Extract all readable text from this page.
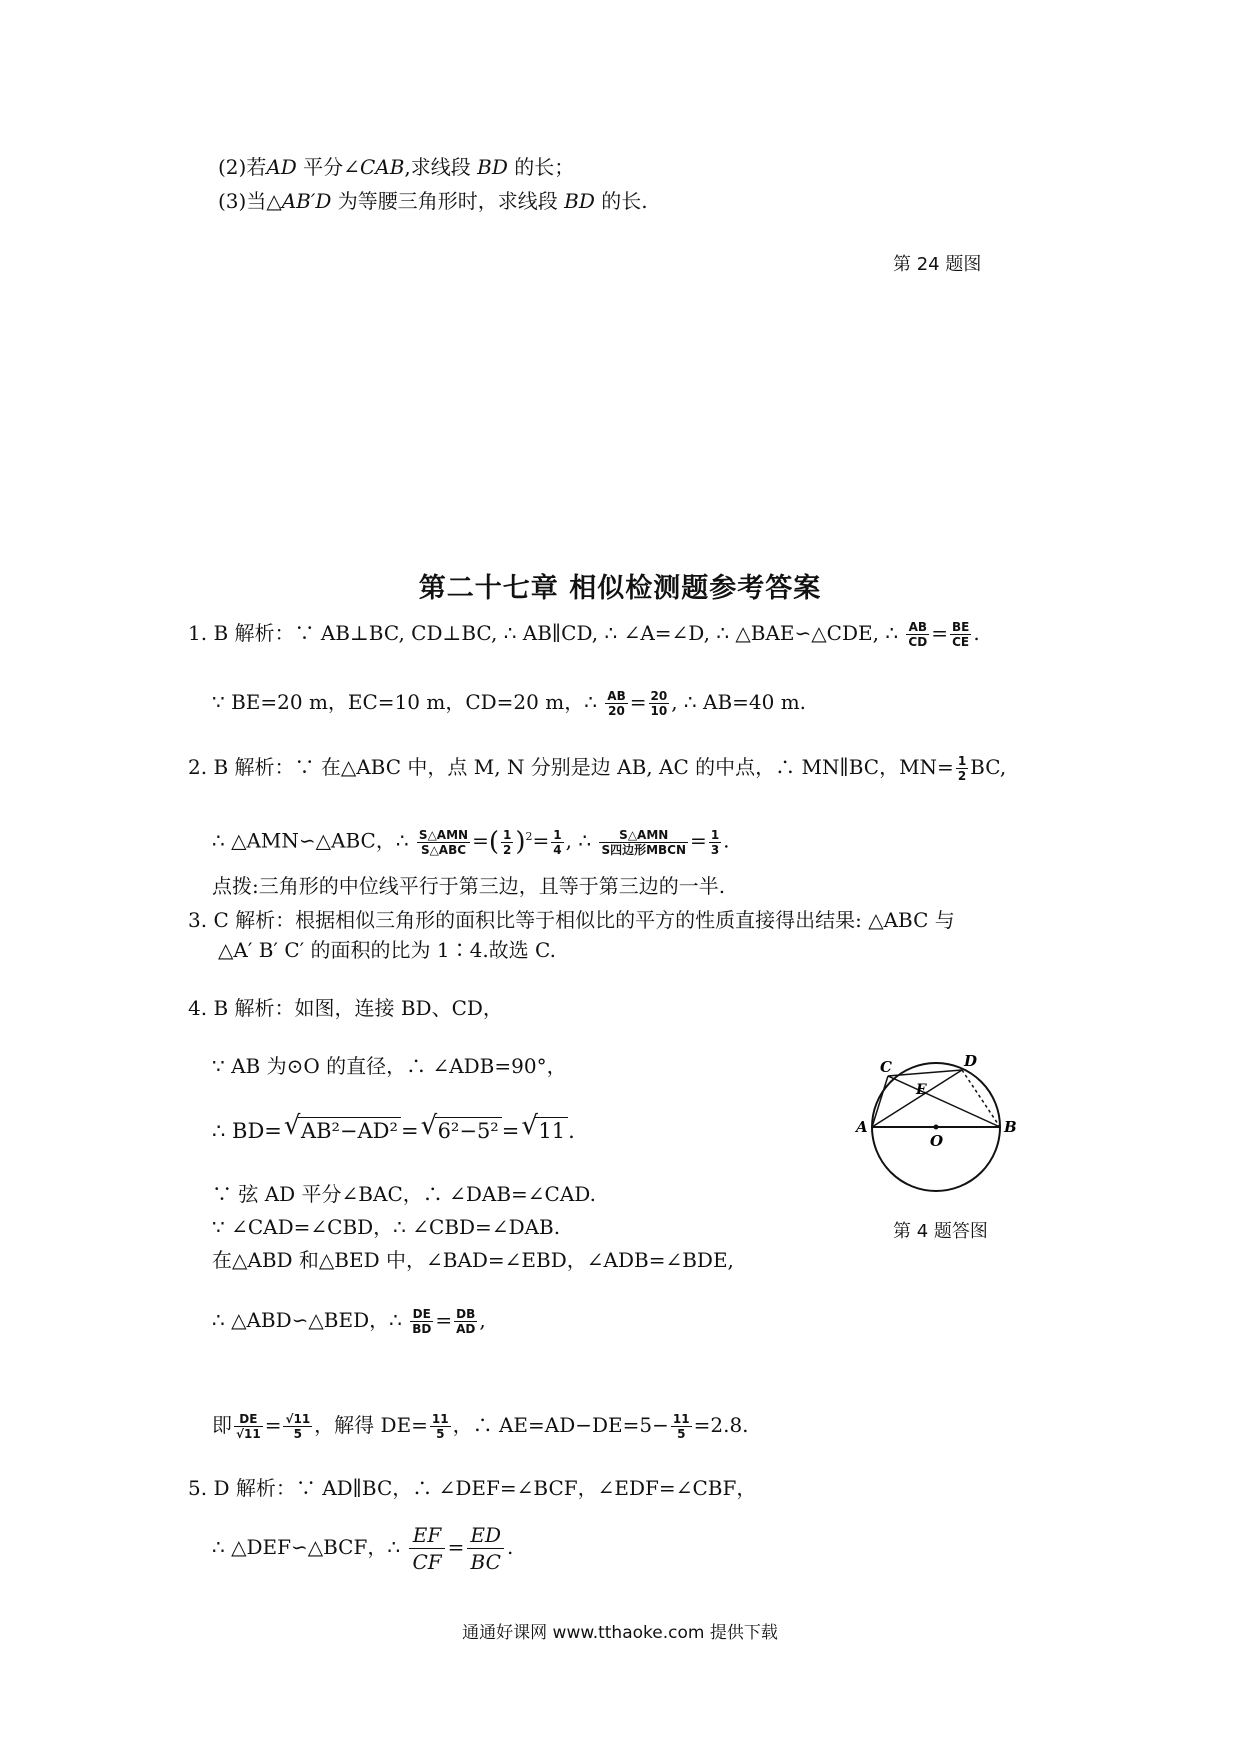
(2)若AD 平分∠CAB,求线段 BD 的长；
(3)当△AB′D 为等腰三角形时，求线段 BD 的长.
第 24 题图
第二十七章 相似检测题参考答案
1. B 解析：∵ AB⊥BC, CD⊥BC, ∴ AB∥CD, ∴ ∠A=∠D, ∴ △BAE∽△CDE, ∴ $\frac{AB}{CD} = \frac{BE}{CE}$ .
∵ BE=20 m，EC=10 m，CD=20 m，∴ $\frac{AB}{20} = \frac{20}{10}$ , ∴ AB=40 m.
2. B 解析：∵ 在△ABC 中，点 M, N 分别是边 AB, AC 的中点，∴ MN∥BC，$MN= \frac{1}{2}$ BC,
∴ △AMN∽△ABC，∴ $\frac{\text{S△AMN}}{\text{S△ABC}}$ =( $\frac{1}{2} )^2= \frac{1}{4}$ , ∴ $\frac{\text{S△AMN}}{\text{S四边形MBCN}} = \frac{1}{3}$ .
点拨:三角形的中位线平行于第三边，且等于第三边的一半.
3. C 解析：根据相似三角形的面积比等于相似比的平方的性质直接得出结果: △ABC 与
△A′ B′ C′ 的面积的比为 1∶4.故选 C.
4. B 解析：如图，连接 BD、CD，
∵ AB 为⊙O 的直径，∴ ∠ADB=90°，
∴ BD= √ AB²−AD² = √ 6²−5² = √ 11 .
∵ 弦 AD 平分∠BAC，∴ ∠DAB=∠CAD.
∵ ∠CAD=∠CBD，∴ ∠CBD=∠DAB.
在△ABD 和△BED 中，∠BAD=∠EBD，∠ADB=∠BDE,
∴ △ABD∽△BED，∴ $\frac{DE}{BD} = \frac{DB}{AD}$ ,
即 $\frac{DE}{√11} = \frac{√11}{5}$ ，解得 $DE= \frac{11}{5}$ ，∴ $AE=AD-DE=5- \frac{11}{5} =2.8$.
C	D
E
A	B
O
第 4 题答图
5. D 解析：∵ AD∥BC，∴ ∠DEF=∠BCF，∠EDF=∠CBF，
∴ △DEF∽△BCF，∴ $\frac{EF}{CF} = \frac{ED}{BC}$ .
通通好课网 www.tthaoke.com 提供下载
